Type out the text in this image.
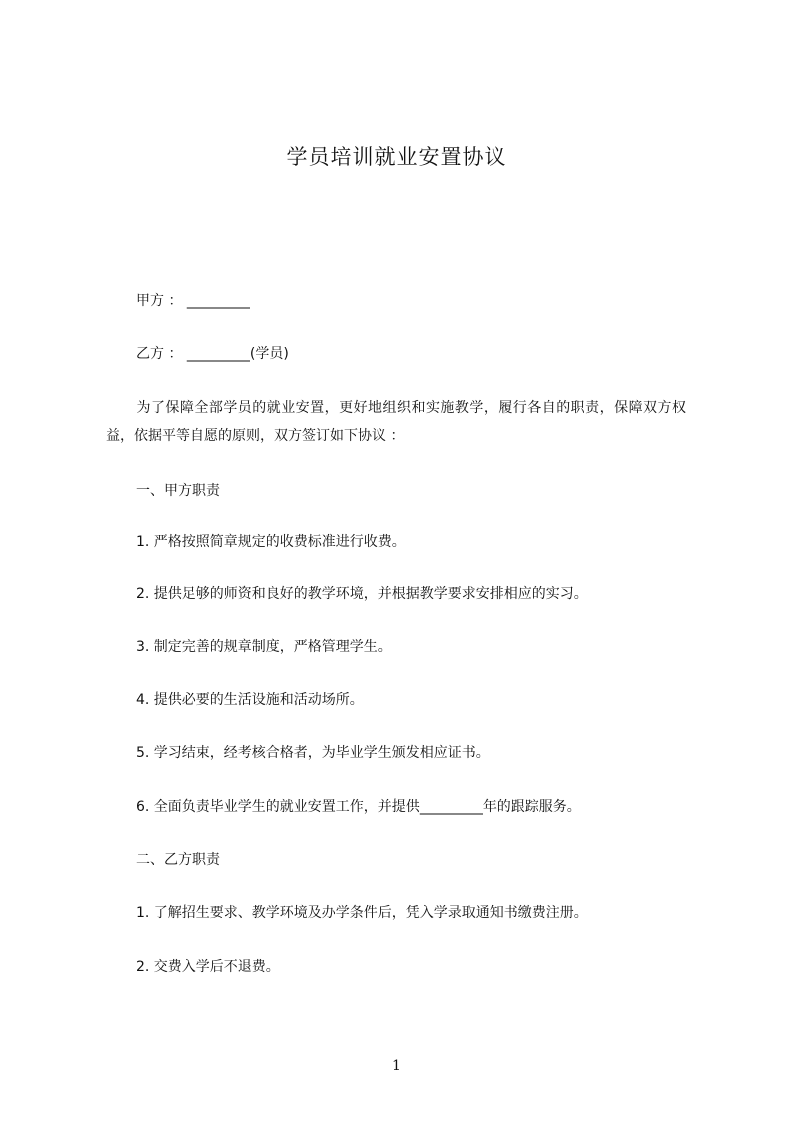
学员培训就业安置协议
甲方 ： _________
乙方 ： _________(学员)
为了保障全部学员的就业安置，更好地组织和实施教学，履行各自的职责，保障双方权益，依据平等自愿的原则，双方签订如下协议 ：
一、甲方职责
1. 严格按照简章规定的收费标准进行收费。
2. 提供足够的师资和良好的教学环境，并根据教学要求安排相应的实习。
3. 制定完善的规章制度，严格管理学生。
4. 提供必要的生活设施和活动场所。
5. 学习结束，经考核合格者，为毕业学生颁发相应证书。
6. 全面负责毕业学生的就业安置工作，并提供_________年的跟踪服务。
二、乙方职责
1. 了解招生要求、教学环境及办学条件后，凭入学录取通知书缴费注册。
2. 交费入学后不退费。
1
